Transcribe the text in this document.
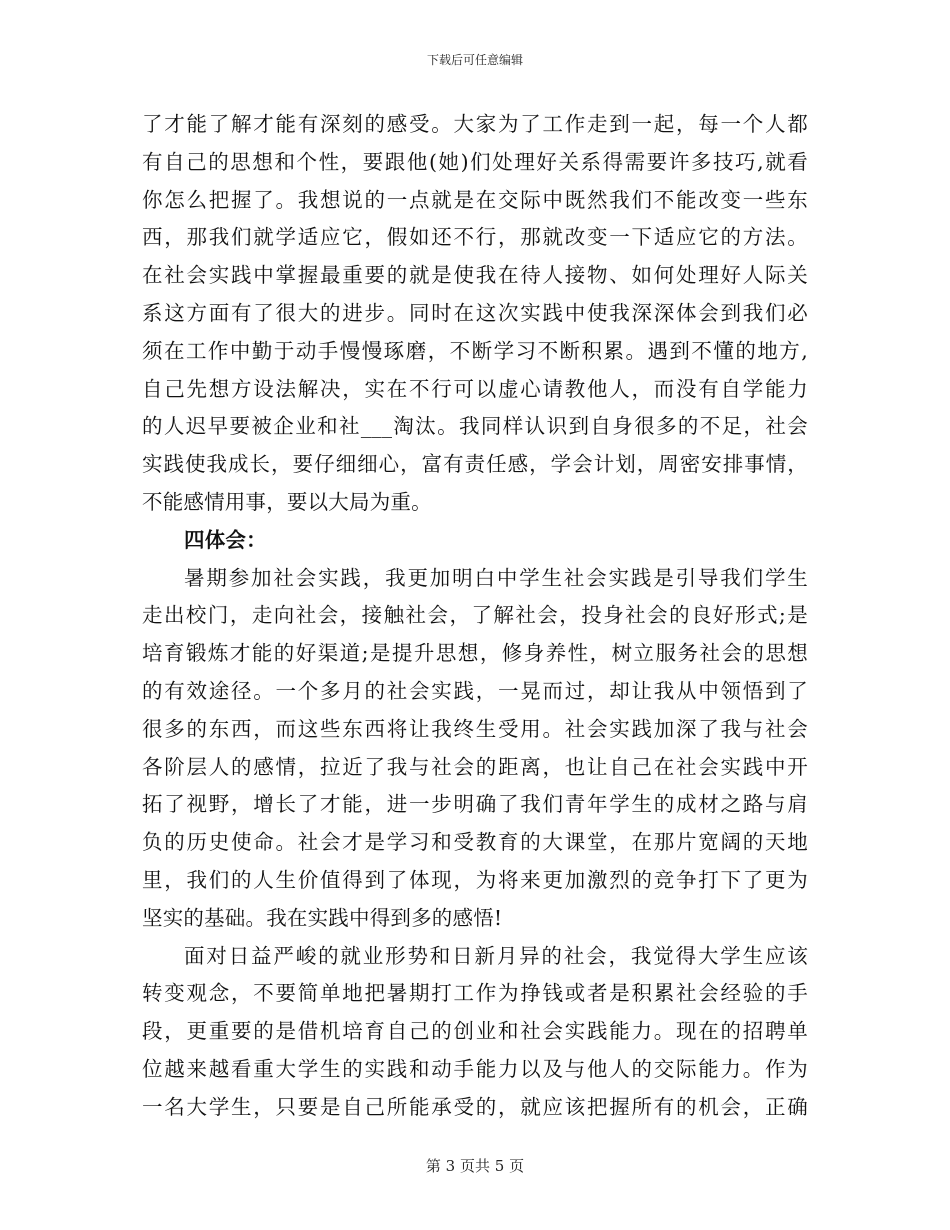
下载后可任意编辑
了才能了解才能有深刻的感受。大家为了工作走到一起，每一个人都
有自己的思想和个性，要跟他(她)们处理好关系得需要许多技巧,就看
你怎么把握了。我想说的一点就是在交际中既然我们不能改变一些东
西，那我们就学适应它，假如还不行，那就改变一下适应它的方法。
在社会实践中掌握最重要的就是使我在待人接物、如何处理好人际关
系这方面有了很大的进步。同时在这次实践中使我深深体会到我们必
须在工作中勤于动手慢慢琢磨，不断学习不断积累。遇到不懂的地方,
自己先想方设法解决，实在不行可以虚心请教他人，而没有自学能力
的人迟早要被企业和社___淘汰。我同样认识到自身很多的不足，社会
实践使我成长，要仔细细心，富有责任感，学会计划，周密安排事情，
不能感情用事，要以大局为重。
四体会：
暑期参加社会实践，我更加明白中学生社会实践是引导我们学生
走出校门，走向社会，接触社会，了解社会，投身社会的良好形式;是
培育锻炼才能的好渠道;是提升思想，修身养性，树立服务社会的思想
的有效途径。一个多月的社会实践，一晃而过，却让我从中领悟到了
很多的东西，而这些东西将让我终生受用。社会实践加深了我与社会
各阶层人的感情，拉近了我与社会的距离，也让自己在社会实践中开
拓了视野，增长了才能，进一步明确了我们青年学生的成材之路与肩
负的历史使命。社会才是学习和受教育的大课堂，在那片宽阔的天地
里，我们的人生价值得到了体现，为将来更加激烈的竞争打下了更为
坚实的基础。我在实践中得到多的感悟!
面对日益严峻的就业形势和日新月异的社会，我觉得大学生应该
转变观念，不要简单地把暑期打工作为挣钱或者是积累社会经验的手
段，更重要的是借机培育自己的创业和社会实践能力。现在的招聘单
位越来越看重大学生的实践和动手能力以及与他人的交际能力。作为
一名大学生，只要是自己所能承受的，就应该把握所有的机会，正确
第 3 页共 5 页
